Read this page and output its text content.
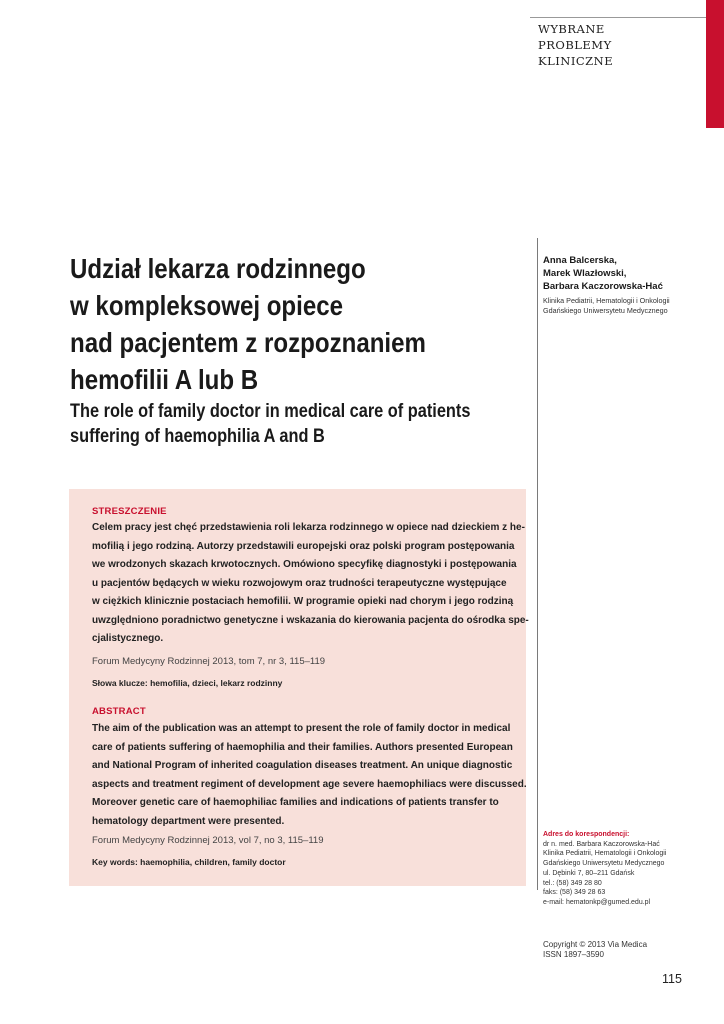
WYBRANE
PROBLEMY
KLINICZNE
Udział lekarza rodzinnego
w kompleksowej opiece
nad pacjentem z rozpoznaniem
hemofilii A lub B
The role of family doctor in medical care of patients
suffering of haemophilia A and B
Anna Balcerska,
Marek Wlazłowski,
Barbara Kaczorowska-Hać
Klinika Pediatrii, Hematologii i Onkologii
Gdańskiego Uniwersytetu Medycznego
STRESZCZENIE
Celem pracy jest chęć przedstawienia roli lekarza rodzinnego w opiece nad dzieckiem z he-
mofilią i jego rodziną. Autorzy przedstawili europejski oraz polski program postępowania
we wrodzonych skazach krwotocznych. Omówiono specyfikę diagnostyki i postępowania
u pacjentów będących w wieku rozwojowym oraz trudności terapeutyczne występujące
w ciężkich klinicznie postaciach hemofilii. W programie opieki nad chorym i jego rodziną
uwzględniono poradnictwo genetyczne i wskazania do kierowania pacjenta do ośrodka spe-
cjalistycznego.
Forum Medycyny Rodzinnej 2013, tom 7, nr 3, 115–119
Słowa klucze: hemofilia, dzieci, lekarz rodzinny
ABSTRACT
The aim of the publication was an attempt to present the role of family doctor in medical
care of patients suffering of haemophilia and their families. Authors presented European
and National Program of inherited coagulation diseases treatment. An unique diagnostic
aspects and treatment regiment of development age severe haemophiliacs were discussed.
Moreover genetic care of haemophiliac families and indications of patients transfer to
hematology department were presented.
Forum Medycyny Rodzinnej 2013, vol 7, no 3, 115–119
Key words: haemophilia, children, family doctor
Adres do korespondencji:
dr n. med. Barbara Kaczorowska-Hać
Klinika Pediatrii, Hematologii i Onkologii
Gdańskiego Uniwersytetu Medycznego
ul. Dębinki 7, 80–211 Gdańsk
tel.: (58) 349 28 80
faks: (58) 349 28 63
e-mail: hematonkp@gumed.edu.pl
Copyright © 2013 Via Medica
ISSN 1897–3590
115
